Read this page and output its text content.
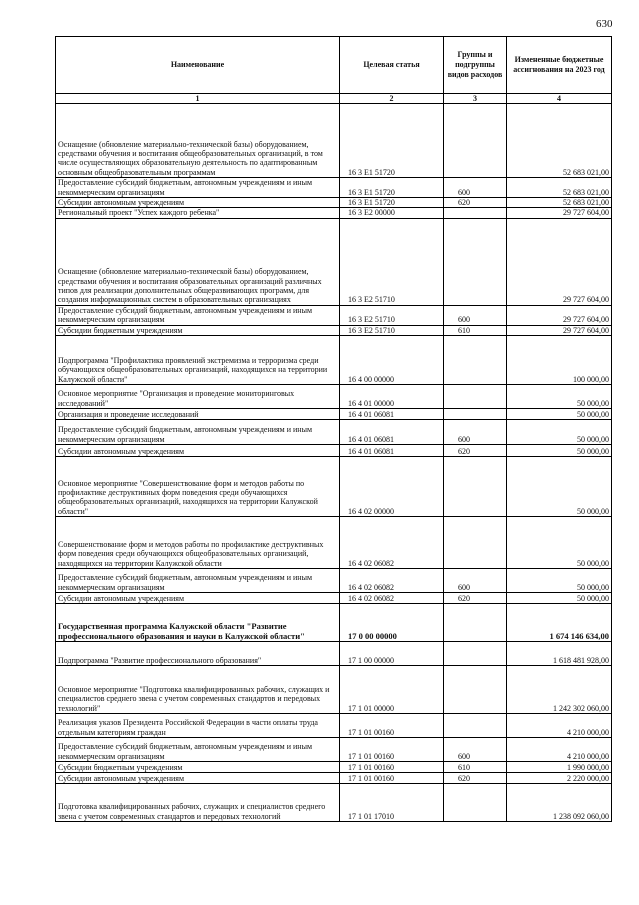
630
Наименование	Целевая статья	Группы и подгруппы видов расходов	Измененные бюджетные ассигнования на 2023 год
1	2	3	4
Оснащение (обновление материально-технической базы) оборудованием, средствами обучения и воспитания общеобразовательных организаций, в том числе осуществляющих образовательную деятельность по адаптированным основным общеобразовательным программам	16 3 E1 51720		52 683 021,00
Предоставление субсидий бюджетным, автономным учреждениям и иным некоммерческим организациям	16 3 E1 51720	600	52 683 021,00
Субсидии автономным учреждениям	16 3 E1 51720	620	52 683 021,00
Региональный проект "Успех каждого ребенка"	16 3 E2 00000		29 727 604,00
Оснащение (обновление материально-технической базы) оборудованием, средствами обучения и воспитания образовательных организаций различных типов для реализации дополнительных общеразвивающих программ, для создания информационных систем в образовательных организациях	16 3 E2 51710		29 727 604,00
Предоставление субсидий бюджетным, автономным учреждениям и иным некоммерческим организациям	16 3 E2 51710	600	29 727 604,00
Субсидии бюджетным учреждениям	16 3 E2 51710	610	29 727 604,00
Подпрограмма "Профилактика проявлений экстремизма и терроризма среди обучающихся общеобразовательных организаций, находящихся на территории Калужской области"	16 4 00 00000		100 000,00
Основное мероприятие "Организация и проведение мониторинговых исследований"	16 4 01 00000		50 000,00
Организация и проведение исследований	16 4 01 06081		50 000,00
Предоставление субсидий бюджетным, автономным учреждениям и иным некоммерческим организациям	16 4 01 06081	600	50 000,00
Субсидии автономным учреждениям	16 4 01 06081	620	50 000,00
Основное мероприятие "Совершенствование форм и методов работы по профилактике деструктивных форм поведения среди обучающихся общеобразовательных организаций, находящихся на территории Калужской области"	16 4 02 00000		50 000,00
Совершенствование форм и методов работы по профилактике деструктивных форм поведения среди обучающихся общеобразовательных организаций, находящихся на территории Калужской области	16 4 02 06082		50 000,00
Предоставление субсидий бюджетным, автономным учреждениям и иным некоммерческим организациям	16 4 02 06082	600	50 000,00
Субсидии автономным учреждениям	16 4 02 06082	620	50 000,00
Государственная программа Калужской области "Развитие профессионального образования и науки в Калужской области"	17 0 00 00000		1 674 146 634,00
Подпрограмма "Развитие профессионального образования"	17 1 00 00000		1 618 481 928,00
Основное мероприятие "Подготовка квалифицированных рабочих, служащих и специалистов среднего звена с учетом современных стандартов и передовых технологий"	17 1 01 00000		1 242 302 060,00
Реализация указов Президента Российской Федерации в части оплаты труда отдельным категориям граждан	17 1 01 00160		4 210 000,00
Предоставление субсидий бюджетным, автономным учреждениям и иным некоммерческим организациям	17 1 01 00160	600	4 210 000,00
Субсидии бюджетным учреждениям	17 1 01 00160	610	1 990 000,00
Субсидии автономным учреждениям	17 1 01 00160	620	2 220 000,00
Подготовка квалифицированных рабочих, служащих и специалистов среднего звена с учетом современных стандартов и передовых технологий	17 1 01 17010		1 238 092 060,00
